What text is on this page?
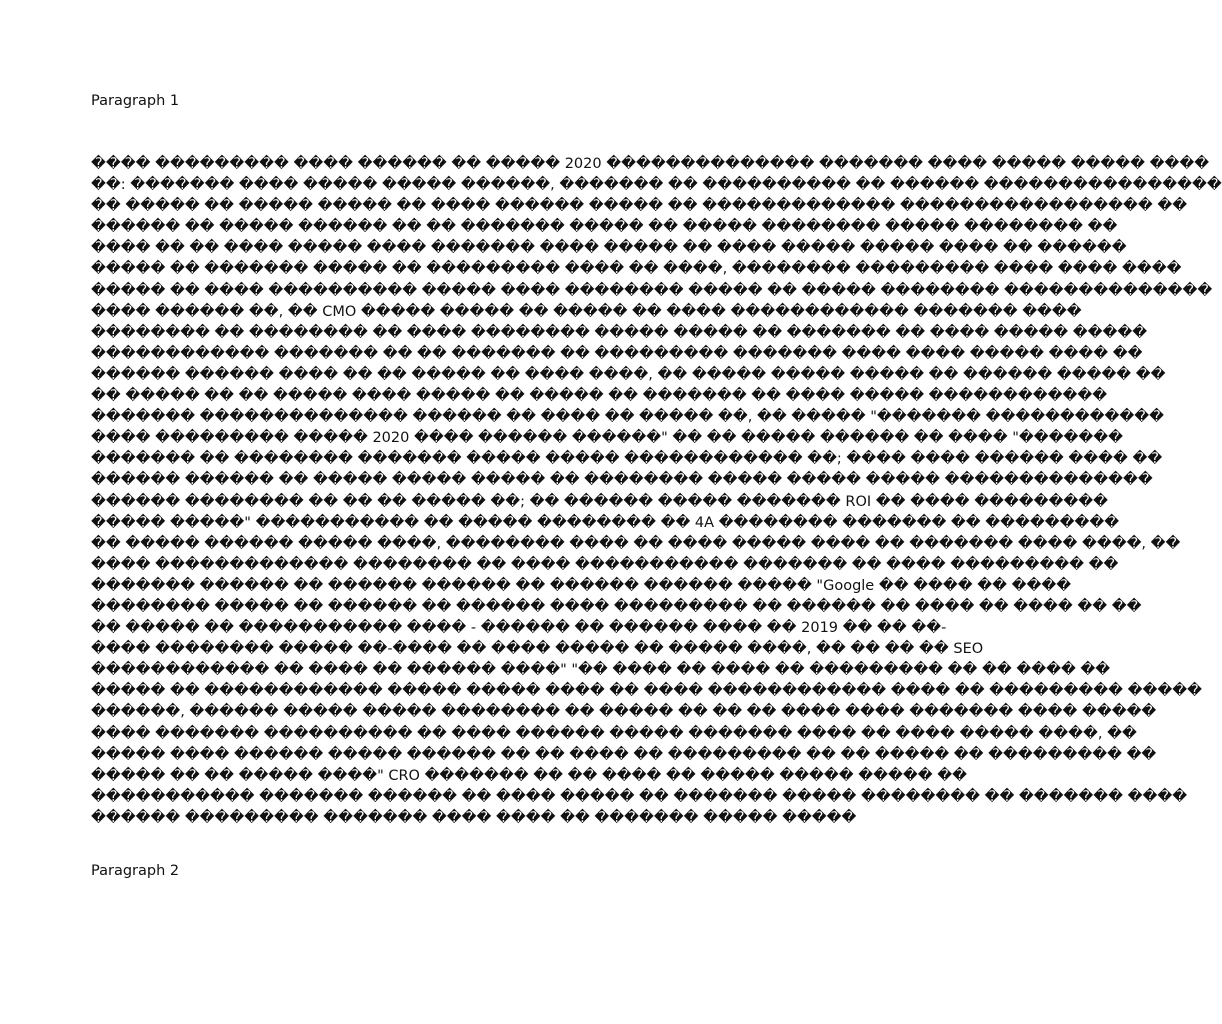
Paragraph 1
���� ��������� ���� ������ �� ����� 2020 �������������� ������� ���� ����� ����� ����
��: ������� ���� ����� ����� ������, ������� �� ���������� �� ������ ����������������
�� ����� �� ����� ����� �� ���� ������ ����� �� ������������� ����������������� ��
������ �� ����� ������ �� �� ������� ����� �� ����� �������� ����� �������� ��
���� �� �� ���� ����� ���� ������� ���� ����� �� ���� ����� ����� ���� �� ������
����� �� ������� ����� �� ��������� ���� �� ����, �������� ��������� ���� ���� ����
����� �� ���� ���������� ����� ���� �������� ����� �� ����� �������� ��������������
���� ������ ��, �� CMO ����� ����� �� ����� �� ���� ������������ ������� ����
�������� �� �������� �� ���� �������� ����� ����� �� ������� �� ���� ����� �����
������������ ������� �� �� ������� �� ��������� ������� ���� ���� ����� ���� ��
������ ������ ���� �� �� ����� �� ���� ����, �� ����� ����� ����� �� ������ ����� ��
�� ����� �� �� ����� ���� ����� �� ����� �� ������� �� ���� ����� ������������
������� �������������� ������ �� ���� �� ����� ��, �� ����� "������� ������������
���� ��������� ����� 2020 ���� ������ ������" �� �� ����� ������ �� ���� "�������
������� �� �������� ������� ����� ����� ������������ ��; ���� ���� ������ ���� ��
������ ������ �� ����� ����� ����� �� �������� ����� ����� ����� ��������������
������ �������� �� �� �� ����� ��; �� ������ ����� ������� ROI �� ���� ���������
����� �����" ����������� �� ����� �������� �� 4A �������� ������� �� ���������
�� ����� ������ ����� ����, �������� ���� �� ���� ����� ���� �� ������� ���� ����, ��
���� ������������� �������� �� ���� ����������� ������� �� ���� ��������� ��
������� ������ �� ������ ������ �� ������ ������ ����� "Google �� ���� �� ����
�������� ����� �� ������ �� ������ ���� ��������� �� ������ �� ���� �� ���� �� ��
�� ����� �� ����������� ���� - ������ �� ������ ���� �� 2019 �� �� ��-
���� �������� ����� ��-���� �� ���� ����� �� ����� ����, �� �� �� �� SEO
������������ �� ���� �� ������ ����" "�� ���� �� ���� �� ��������� �� �� ���� ��
����� �� ������������ ����� ����� ���� �� ���� ������������ ���� �� ��������� �����
������, ������ ����� ����� �������� �� ����� �� �� �� ���� ���� ������� ���� �����
���� ������� ���������� �� ���� ������ ����� ������� ���� �� ���� ����� ����, ��
����� ���� ������ ����� ������ �� �� ���� �� ��������� �� �� ����� �� ��������� ��
����� �� �� ����� ����" CRO ������� �� �� ���� �� ����� ����� ����� ��
����������� ������� ������ �� ���� ����� �� ������� ����� �������� �� ������� ����
������ ��������� ������� ���� ���� �� ������� ����� �����
Paragraph 2
